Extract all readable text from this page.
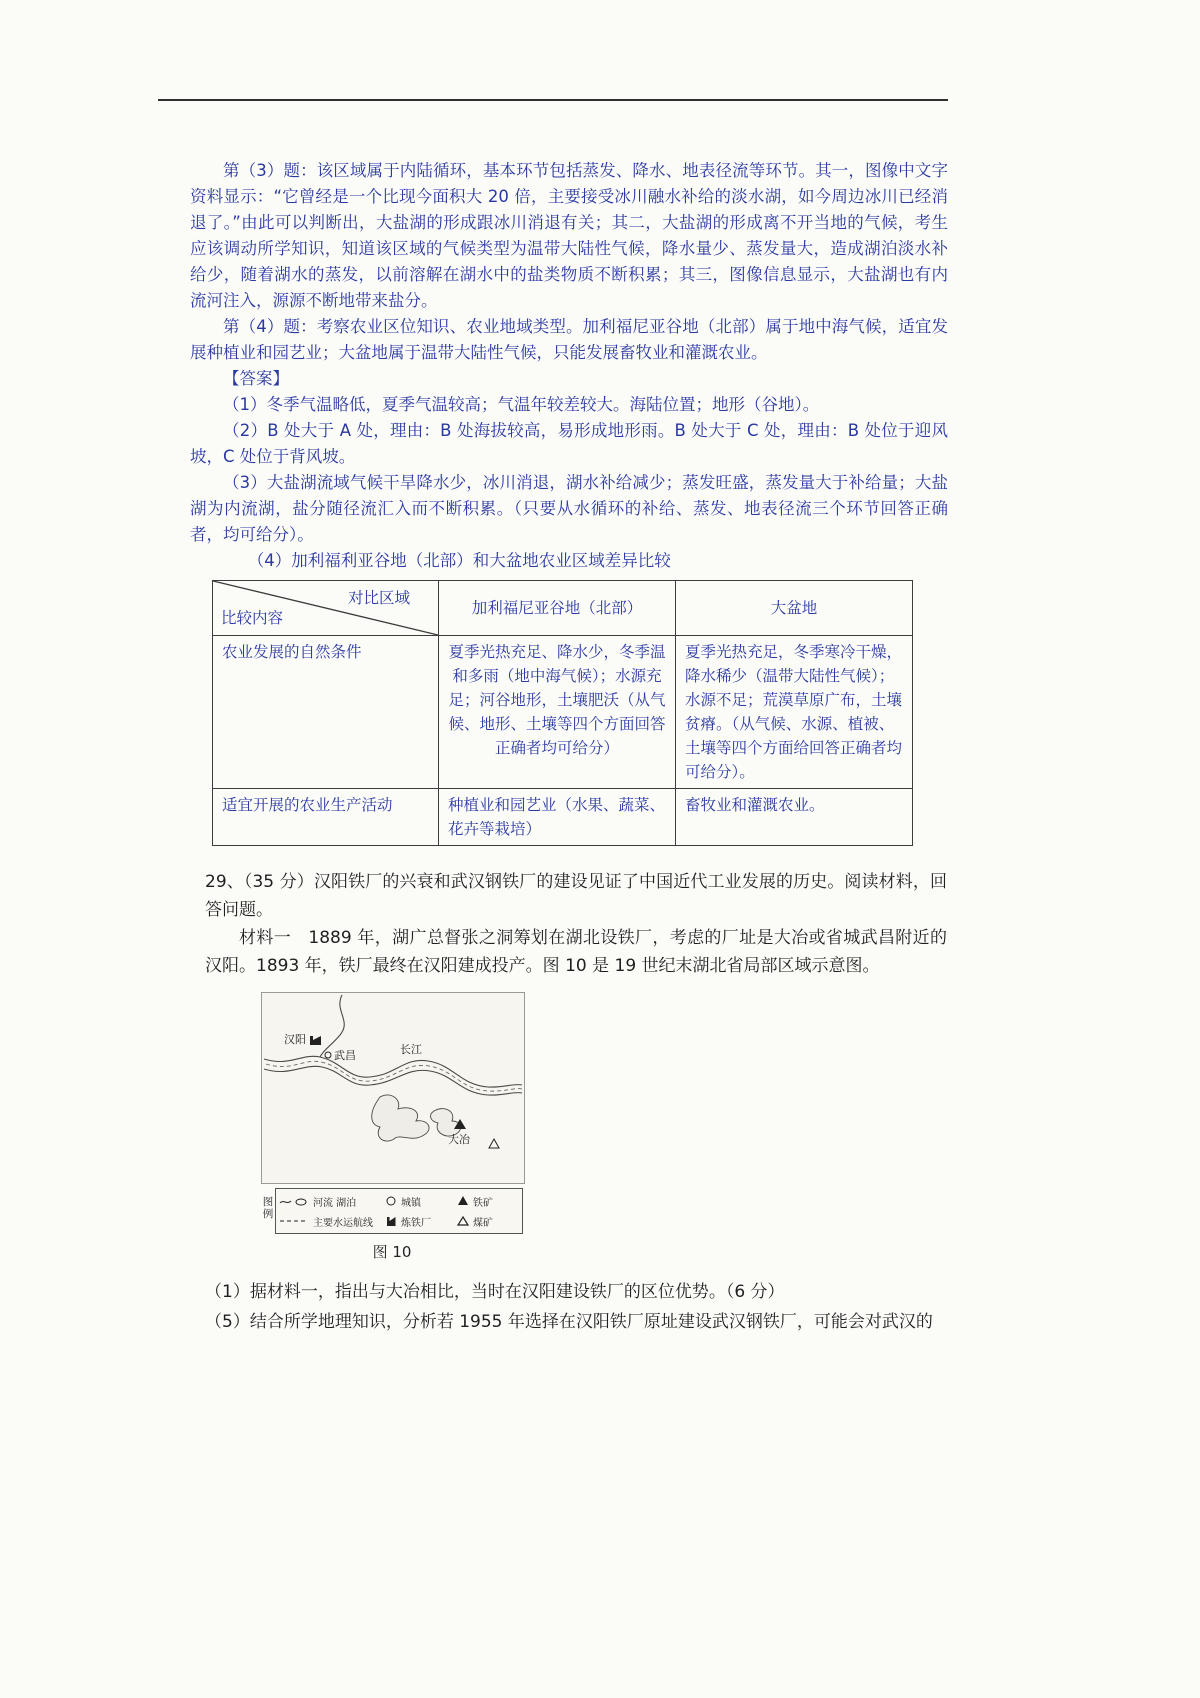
第（3）题：该区域属于内陆循环，基本环节包括蒸发、降水、地表径流等环节。其一，图像中文字资料显示：“它曾经是一个比现今面积大 20 倍，主要接受冰川融水补给的淡水湖，如今周边冰川已经消退了。”由此可以判断出，大盐湖的形成跟冰川消退有关；其二，大盐湖的形成离不开当地的气候，考生应该调动所学知识，知道该区域的气候类型为温带大陆性气候，降水量少、蒸发量大，造成湖泊淡水补给少，随着湖水的蒸发，以前溶解在湖水中的盐类物质不断积累；其三，图像信息显示，大盐湖也有内流河注入，源源不断地带来盐分。

第（4）题：考察农业区位知识、农业地域类型。加利福尼亚谷地（北部）属于地中海气候，适宜发展种植业和园艺业；大盆地属于温带大陆性气候，只能发展畜牧业和灌溉农业。

【答案】

（1）冬季气温略低，夏季气温较高；气温年较差较大。海陆位置；地形（谷地）。

（2）B 处大于 A 处，理由：B 处海拔较高，易形成地形雨。B 处大于 C 处，理由：B 处位于迎风坡，C 处位于背风坡。

（3）大盐湖流域气候干旱降水少，冰川消退，湖水补给减少；蒸发旺盛，蒸发量大于补给量；大盐湖为内流湖，盐分随径流汇入而不断积累。（只要从水循环的补给、蒸发、地表径流三个环节回答正确者，均可给分）。

（4）加利福利亚谷地（北部）和大盆地农业区域差异比较

对比区域
比较内容	加利福尼亚谷地（北部）	大盆地
农业发展的自然条件	夏季光热充足、降水少，冬季温和多雨（地中海气候）；水源充足；河谷地形，土壤肥沃（从气候、地形、土壤等四个方面回答正确者均可给分）	夏季光热充足，冬季寒冷干燥，降水稀少（温带大陆性气候）；水源不足；荒漠草原广布，土壤贫瘠。（从气候、水源、植被、土壤等四个方面给回答正确者均可给分）。
适宜开展的农业生产活动	种植业和园艺业（水果、蔬菜、花卉等栽培）	畜牧业和灌溉农业。

29、（35 分）汉阳铁厂的兴衰和武汉钢铁厂的建设见证了中国近代工业发展的历史。阅读材料，回答问题。

材料一　1889 年，湖广总督张之洞筹划在湖北设铁厂，考虑的厂址是大冶或省城武昌附近的汉阳。1893 年，铁厂最终在汉阳建成投产。图 10 是 19 世纪末湖北省局部区域示意图。

汉阳
武昌	长江
大冶
图例
河流 湖泊	城镇	铁矿
主要水运航线	炼铁厂	煤矿
图 10

（1）据材料一，指出与大冶相比，当时在汉阳建设铁厂的区位优势。（6 分）

（5）结合所学地理知识，分析若 1955 年选择在汉阳铁厂原址建设武汉钢铁厂，可能会对武汉的
